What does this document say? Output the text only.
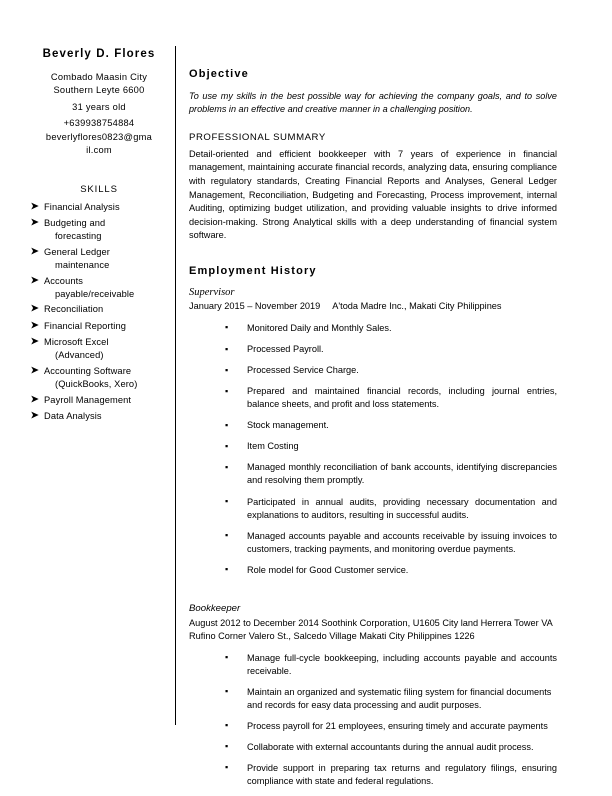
Beverly D. Flores
Combado Maasin City
Southern Leyte 6600
31 years old
+639938754884
beverlyflores0823@gma
il.com
SKILLS
➤ Financial Analysis
➤ Budgeting and
forecasting
➤ General Ledger
maintenance
➤ Accounts
payable/receivable
➤ Reconciliation
➤ Financial Reporting
➤ Microsoft Excel
(Advanced)
➤ Accounting Software
(QuickBooks, Xero)
➤ Payroll Management
➤ Data Analysis
Objective

To use my skills in the best possible way for achieving the company goals, and to solve problems in an effective and creative manner in a challenging position.

PROFESSIONAL SUMMARY

Detail-oriented and efficient bookkeeper with 7 years of experience in financial management, maintaining accurate financial records, analyzing data, ensuring compliance with regulatory standards, Creating Financial Reports and Analyses, General Ledger Management, Reconciliation, Budgeting and Forecasting, Process improvement, internal Auditing, optimizing budget utilization, and providing valuable insights to drive informed decision-making. Strong Analytical skills with a deep understanding of financial system software.

Employment History
Supervisor
January 2015 – November 2019 A'toda Madre Inc., Makati City Philippines
▪ Monitored Daily and Monthly Sales.
▪ Processed Payroll.
▪ Processed Service Charge.
▪ Prepared and maintained financial records, including journal entries, balance sheets, and profit and loss statements.
▪ Stock management.
▪ Item Costing
▪ Managed monthly reconciliation of bank accounts, identifying discrepancies and resolving them promptly.
▪ Participated in annual audits, providing necessary documentation and explanations to auditors, resulting in successful audits.
▪ Managed accounts payable and accounts receivable by issuing invoices to customers, tracking payments, and monitoring overdue payments.
▪ Role model for Good Customer service.
Bookkeeper
August 2012 to December 2014 Soothink Corporation, U1605 City land Herrera Tower VA Rufino Corner Valero St., Salcedo Village Makati City Philippines 1226
▪ Manage full-cycle bookkeeping, including accounts payable and accounts receivable.
▪ Maintain an organized and systematic filing system for financial documents and records for easy data processing and audit purposes.
▪ Process payroll for 21 employees, ensuring timely and accurate payments
▪ Collaborate with external accountants during the annual audit process.
▪ Provide support in preparing tax returns and regulatory filings, ensuring compliance with state and federal regulations.
